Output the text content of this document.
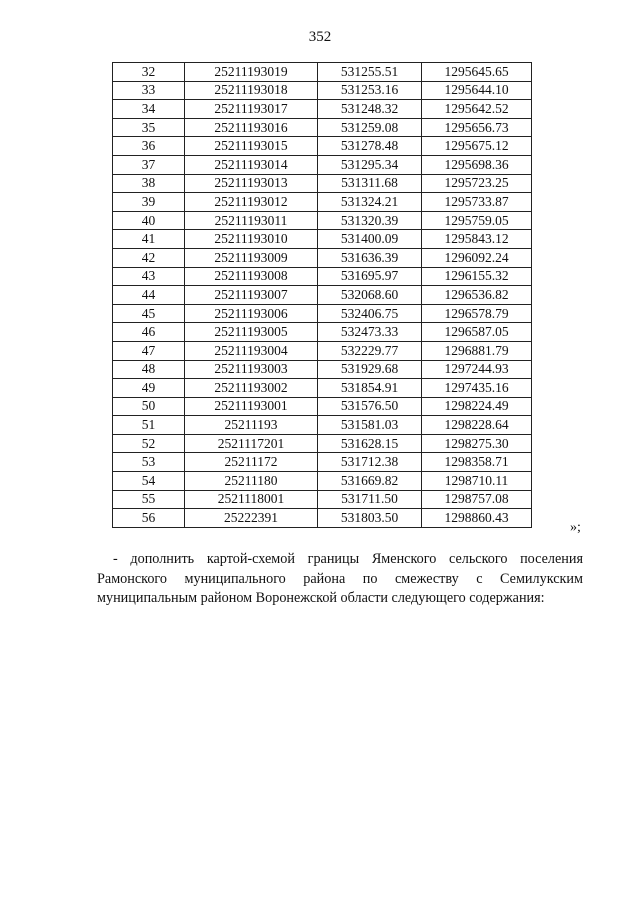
352
32	25211193019	531255.51	1295645.65
33	25211193018	531253.16	1295644.10
34	25211193017	531248.32	1295642.52
35	25211193016	531259.08	1295656.73
36	25211193015	531278.48	1295675.12
37	25211193014	531295.34	1295698.36
38	25211193013	531311.68	1295723.25
39	25211193012	531324.21	1295733.87
40	25211193011	531320.39	1295759.05
41	25211193010	531400.09	1295843.12
42	25211193009	531636.39	1296092.24
43	25211193008	531695.97	1296155.32
44	25211193007	532068.60	1296536.82
45	25211193006	532406.75	1296578.79
46	25211193005	532473.33	1296587.05
47	25211193004	532229.77	1296881.79
48	25211193003	531929.68	1297244.93
49	25211193002	531854.91	1297435.16
50	25211193001	531576.50	1298224.49
51	25211193	531581.03	1298228.64
52	2521117201	531628.15	1298275.30
53	25211172	531712.38	1298358.71
54	25211180	531669.82	1298710.11
55	2521118001	531711.50	1298757.08
56	25222391	531803.50	1298860.43
»;

- дополнить картой-схемой границы Яменского сельского поселения Рамонского муниципального района по смежеству с Семилукским муниципальным районом Воронежской области следующего содержания:
